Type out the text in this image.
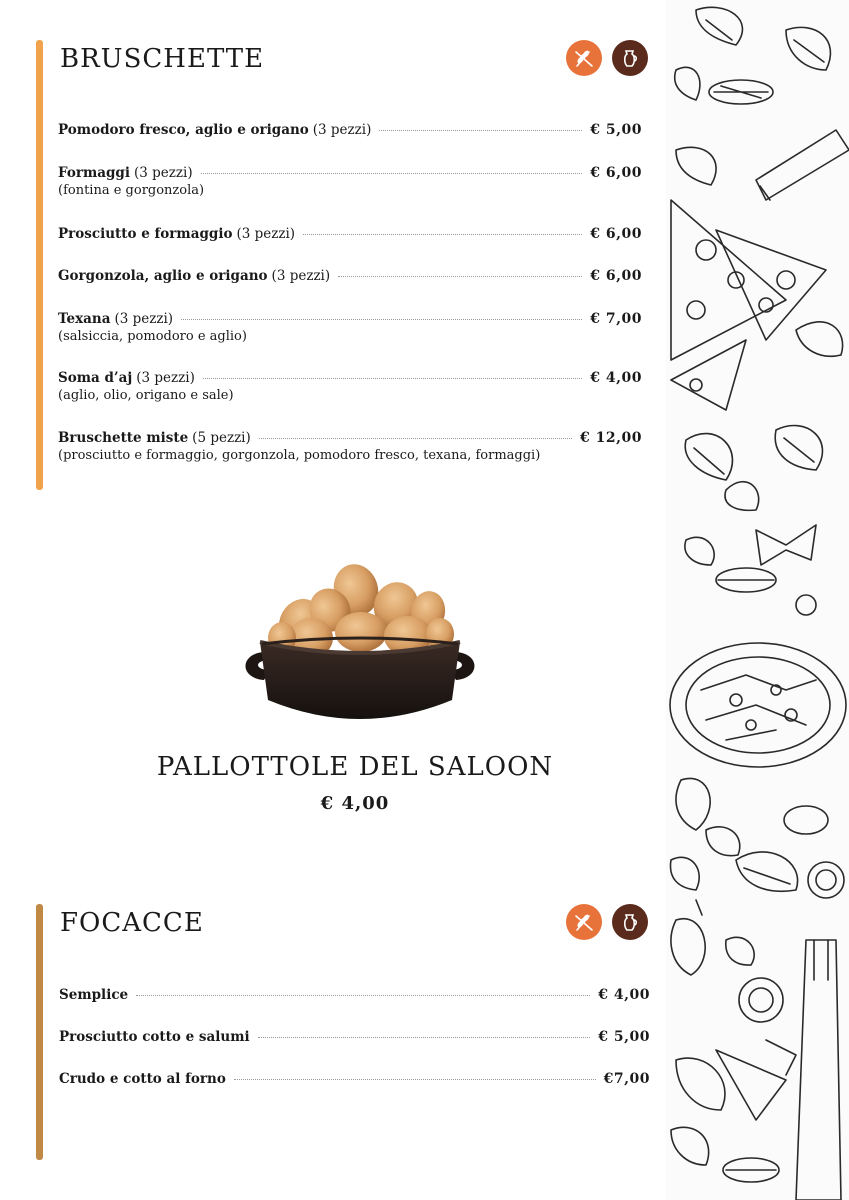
BRUSCHETTE
Pomodoro fresco, aglio e origano (3 pezzi)	€ 5,00
Formaggi (3 pezzi)	€ 6,00
(fontina e gorgonzola)
Prosciutto e formaggio (3 pezzi)	€ 6,00
Gorgonzola, aglio e origano (3 pezzi)	€ 6,00
Texana (3 pezzi)	€ 7,00
(salsiccia, pomodoro e aglio)
Soma d’aj (3 pezzi)	€ 4,00
(aglio, olio, origano e sale)
Bruschette miste (5 pezzi)	€ 12,00
(prosciutto e formaggio, gorgonzola, pomodoro fresco, texana, formaggi)
PALLOTTOLE DEL SALOON
€ 4,00
FOCACCE
Semplice	€ 4,00
Prosciutto cotto e salumi	€ 5,00
Crudo e cotto al forno	€7,00
